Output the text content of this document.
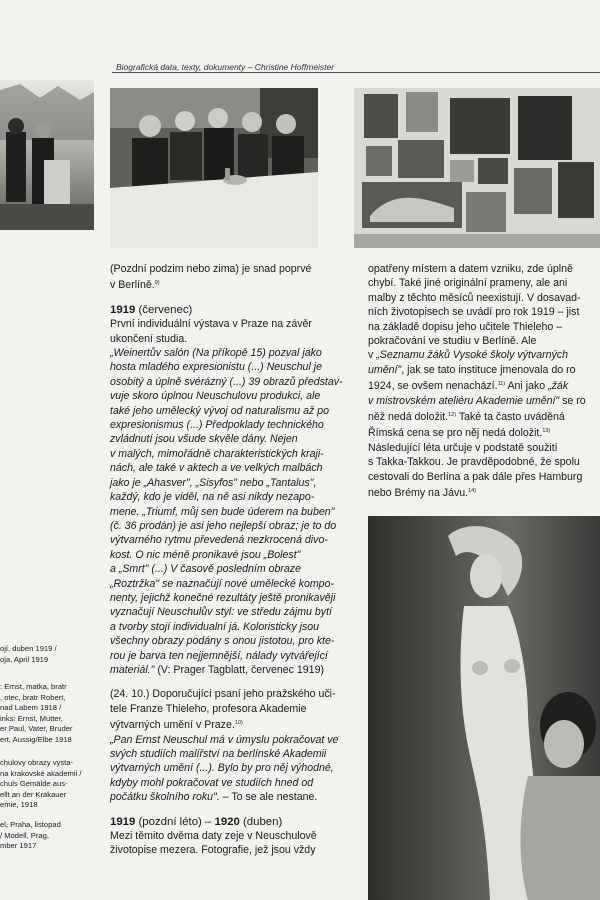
Biografická data, texty, dokumenty – Christine Hoffmeister
ojí, duben 1919 /
oja, April 1919
: Ernst, matka, bratr
, otec, bratr Robert,
nad Labem 1918 /
inks: Ernst, Mutter,
er Paul, Vater, Bruder
ert, Aussig/Elbe 1918
chulovy obrazy vysta-
na krakovské akademii /
chuls Gemälde aus-
ellt an der Krakauer
emie, 1918
el, Praha, listopad
/ Modell, Prag,
mber 1917

(Pozdní podzim nebo zima) je snad poprvé
v Berlíně.$^{9)}$

1919 (červenec)

První individuální výstava v Praze na závěr
ukončení studia.

„Weinertův salón (Na příkopě 15) pozval jako
hosta mladého expresionistu (...) Neuschul je
osobitý a úplně svérázný (...) 39 obrazů představ-
vuje skoro úplnou Neuschulovu produkci, ale
také jeho umělecký vývoj od naturalismu až po
expresionismus (...) Předpoklady technického
zvládnutí jsou všude skvěle dány. Nejen
v malých, mimořádně charakteristických kraji-
nách, ale také v aktech a ve velkých malbách
jako je „Ahasver", „Sisyfos" nebo „Tantalus",
každý, kdo je viděl, na ně asi nikdy nezapo-
mene. „Triumf, můj sen bude úderem na buben"
(č. 36 prodán) je asi jeho nejlepší obraz; je to do
výtvarného rytmu převedená nezkrocená divo-
kost. O nic méně pronikavé jsou „Bolest"
a „Smrt" (...) V časově posledním obraze
„Roztržka" se naznačují nové umělecké kompo-
nenty, jejichž konečné rezultáty ještě pronikavěji
vyznačují Neuschulův styl: ve středu zájmu bytí
a tvorby stojí individualní já. Koloristicky jsou
všechny obrazy podány s onou jistotou, pro kte-
rou je barva ten nejjemnější, nálady vytvářející
materiál." (V: Prager Tagblatt, červenec 1919)

(24. 10.) Doporučující psaní jeho pražského uči-
tele Franze Thieleho, profesora Akademie
výtvarných umění v Praze.$^{10)}$

„Pan Ernst Neuschul má v úmyslu pokračovat ve
svých studiích malířství na berlínské Akademii
výtvarných umění (...). Bylo by pro něj výhodné,
kdyby mohl pokračovat ve studiích hned od
počátku školního roku". – To se ale nestane.

1919 (pozdní léto) – 1920 (duben)

Mezi těmito dvěma daty zeje v Neuschulově
životopise mezera. Fotografie, jež jsou vždy

opatřeny místem a datem vzniku, zde úplně
chybí. Také jiné originální prameny, ale ani
malby z těchto měsíců neexistují. V dosavad-
ních životopisech se uvádí pro rok 1919 – jist
na základě dopisu jeho učitele Thieleho –
pokračování ve studiu v Berlíně. Ale
v „Seznamu žáků Vysoké školy výtvarných
umění", jak se tato instituce jmenovala do ro
1924, se ovšem nenachází.$^{11)}$ Ani jako „žák
v mistrovském ateliéru Akademie umění" se ro
něž nedá doložit.$^{12)}$ Také ta často uváděná
Římská cena se pro něj nedá doložit.$^{13)}$
Následující léta určuje v podstatě soužití
s Takka-Takkou. Je pravděpodobné, že spolu
cestovali do Berlína a pak dále přes Hamburg
nebo Brémy na Jávu.$^{14)}$
